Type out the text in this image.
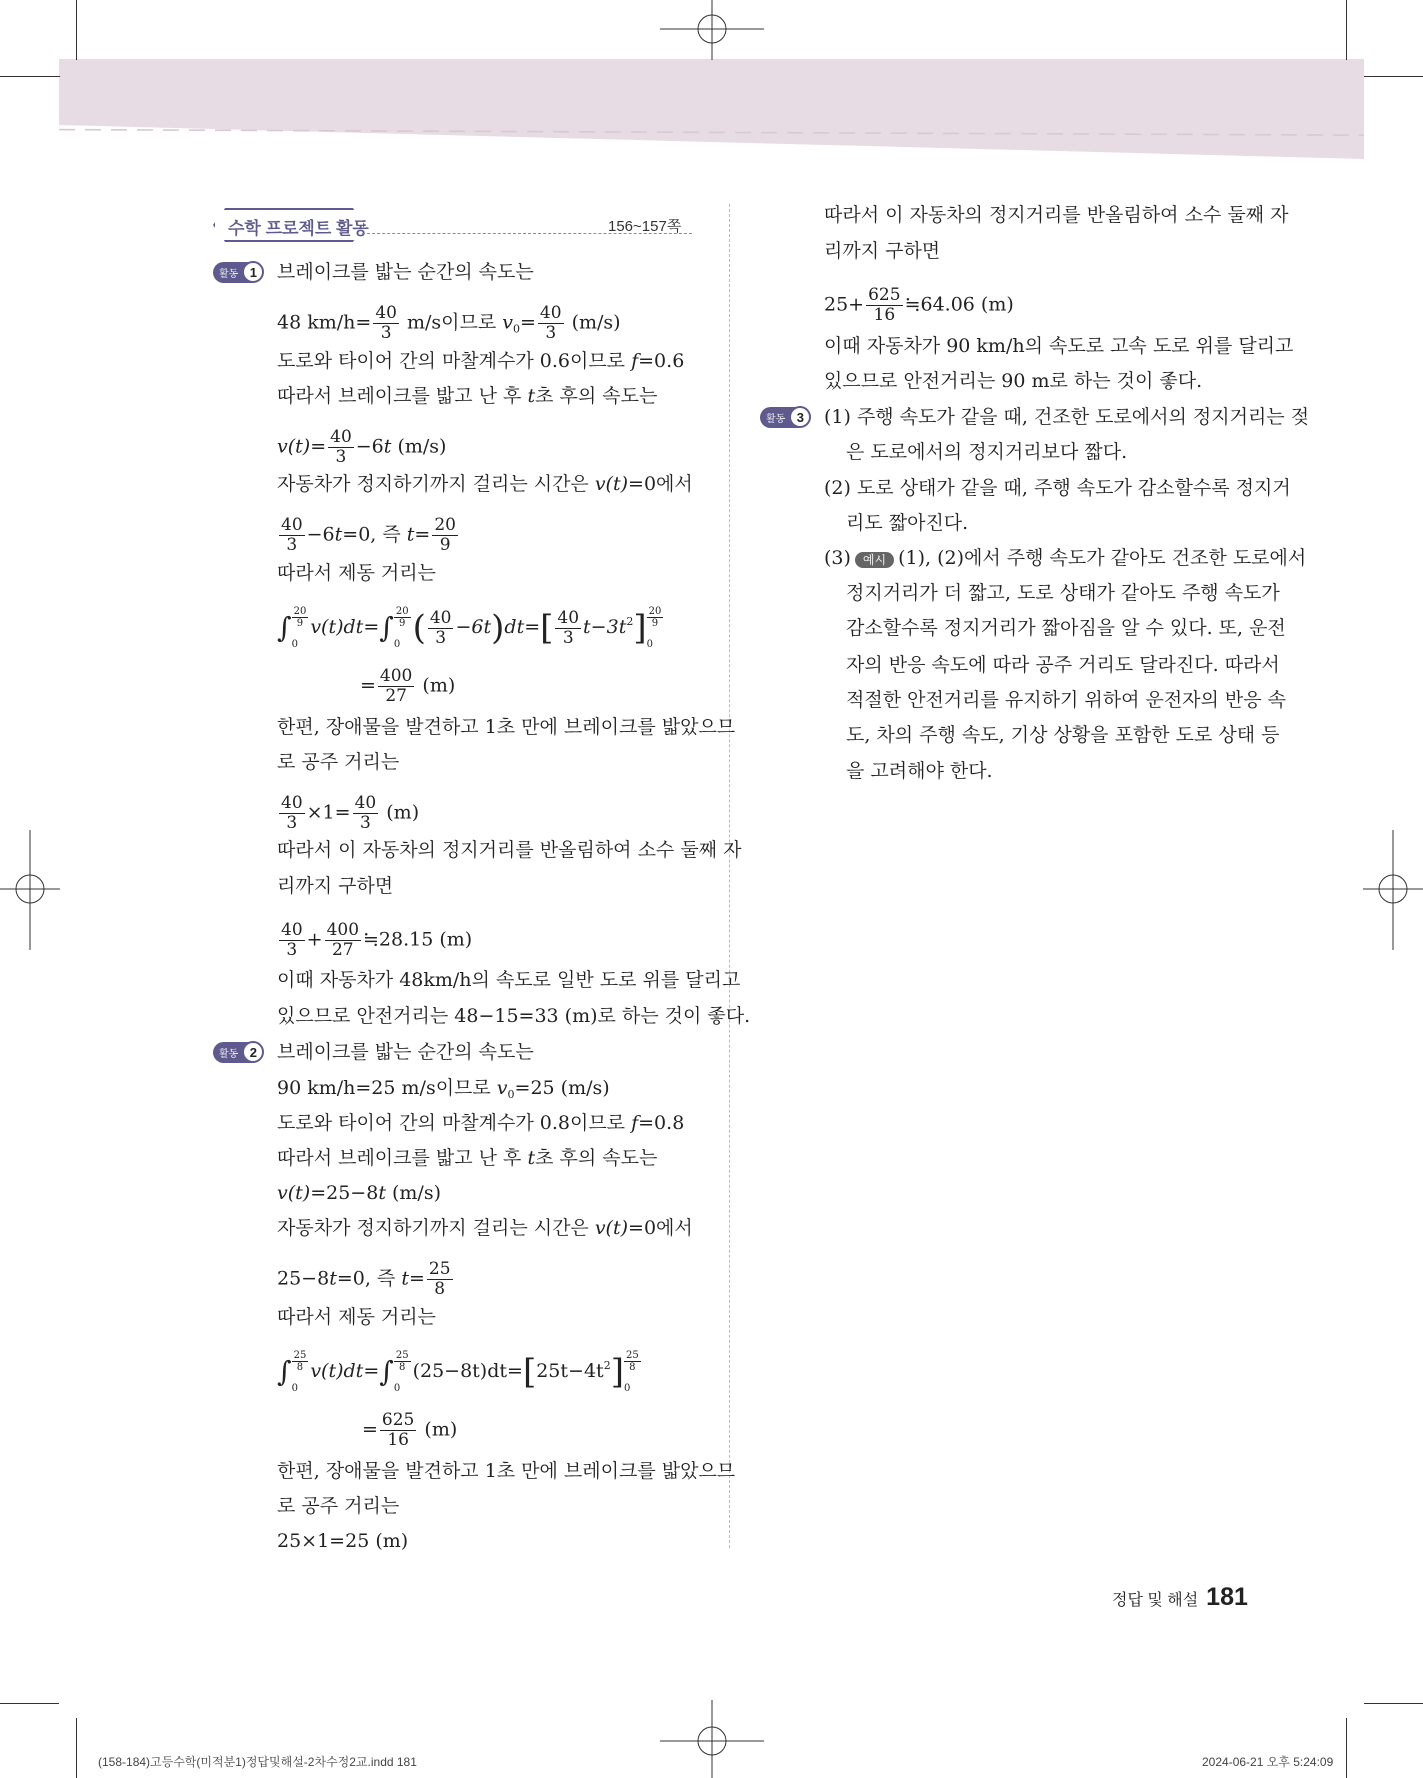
수학 프로젝트 활동	156~157쪽
활동 1	브레이크를 밟는 순간의 속도는
48 $km/h= \frac{40}{3} m/s$이므로 $v_0= \frac{40}{3} (m/s)$
도로와 타이어 간의 마찰계수가 0.6이므로 f=0.6
따라서 브레이크를 밟고 난 후 t초 후의 속도는
$v(t)= \frac{40}{3} -6t$ (m/s)
자동차가 정지하기까지 걸리는 시간은 v(t)=0에서
$\frac{40}{3} -6t=0$, 즉 $t= \frac{20}{9}$
따라서 제동 거리는
∫ 20
9
0
v(t)dt=∫ 20
9
0 ( $\frac{40}{3} -6t)dt=[ \frac{40}{3} t-3t^2]$ 20
9
0
= $\frac{400}{27} (m)$
한편, 장애물을 발견하고 1초 만에 브레이크를 밟았으므
로 공주 거리는
$\frac{40}{3} \times 1= \frac{40}{3} (m)$
따라서 이 자동차의 정지거리를 반올림하여 소수 둘째 자
리까지 구하면
$\frac{40}{3} + \frac{400}{27}$ ≒28.15 (m)
이때 자동차가 48km/h의 속도로 일반 도로 위를 달리고
있으므로 안전거리는 48−15=33 (m)로 하는 것이 좋다.
활동 2	브레이크를 밟는 순간의 속도는
90 km/h=25 m/s이므로 $v_0=25$ (m/s)
도로와 타이어 간의 마찰계수가 0.8이므로 f=0.8
따라서 브레이크를 밟고 난 후 t초 후의 속도는
v(t)=25−8t (m/s)
자동차가 정지하기까지 걸리는 시간은 v(t)=0에서
25−8t=0, 즉 $t= \frac{25}{8}$
따라서 제동 거리는
∫ 25
8
0
v(t)dt=∫ 25
8
0
$(25-8t)dt=[25t-4t^2]$ 25
8
0
= $\frac{625}{16} (m)$
한편, 장애물을 발견하고 1초 만에 브레이크를 밟았으므
로 공주 거리는
25×1=25 (m)
따라서 이 자동차의 정지거리를 반올림하여 소수 둘째 자
리까지 구하면
$25+ \frac{625}{16}$ ≒64.06 (m)
이때 자동차가 90 km/h의 속도로 고속 도로 위를 달리고
있으므로 안전거리는 90 m로 하는 것이 좋다.
활동 3	(1) 주행 속도가 같을 때, 건조한 도로에서의 정지거리는 젖
은 도로에서의 정지거리보다 짧다.
(2) 도로 상태가 같을 때, 주행 속도가 감소할수록 정지거
리도 짧아진다.
(3) 예시 (1), (2)에서 주행 속도가 같아도 건조한 도로에서
정지거리가 더 짧고, 도로 상태가 같아도 주행 속도가
감소할수록 정지거리가 짧아짐을 알 수 있다. 또, 운전
자의 반응 속도에 따라 공주 거리도 달라진다. 따라서
적절한 안전거리를 유지하기 위하여 운전자의 반응 속
도, 차의 주행 속도, 기상 상황을 포함한 도로 상태 등
을 고려해야 한다.
정답 및 해설 181
(158-184)고등수학(미적분1)정답및해설-2차수정2교.indd 181	2024-06-21 오후 5:24:09
